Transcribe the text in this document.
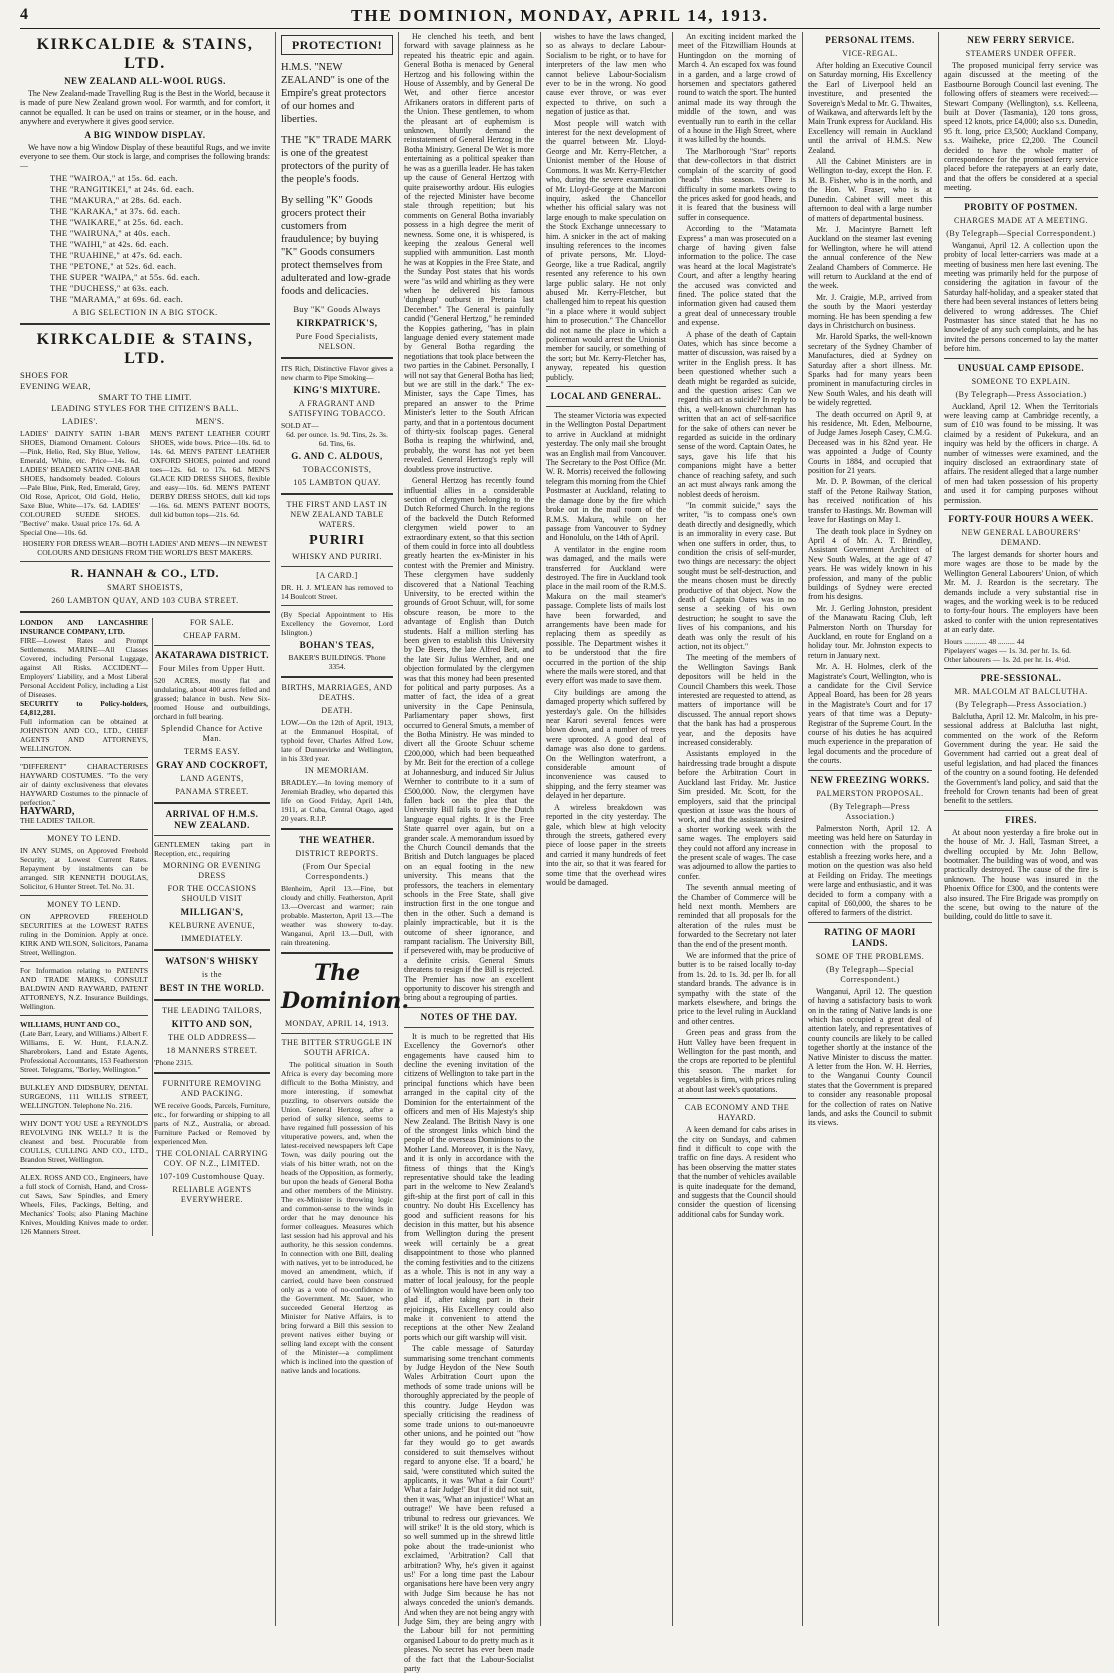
4	THE DOMINION, MONDAY, APRIL 14, 1913.
KIRKCALDIE & STAINS, LTD.
NEW ZEALAND ALL-WOOL RUGS.

The New Zealand-made Travelling Rug is the Best in the World, because it is made of pure New Zealand grown wool. For warmth, and for comfort, it cannot be equalled. It can be used on trains or steamer, or in the house, and anywhere and everywhere it gives good service.

A BIG WINDOW DISPLAY.

We have now a big Window Display of these beautiful Rugs, and we invite everyone to see them. Our stock is large, and comprises the following brands:—

THE "WAIROA," at 15s. 6d. each.
THE "RANGITIKEI," at 24s. 6d. each.
THE "MAKURA," at 28s. 6d. each.
THE "KARAKA," at 37s. 6d. each.
THE "WAIKARE," at 25s. 6d. each.
THE "WAIRUNA," at 40s. each.
THE "WAIHI," at 42s. 6d. each.
THE "RUAHINE," at 47s. 6d. each.
THE "PETONE," at 52s. 6d. each.
THE SUPER "WAIPA," at 55s. 6d. each.
THE "DUCHESS," at 63s. each.
THE "MARAMA," at 69s. 6d. each.
A BIG SELECTION IN A BIG STOCK.
KIRKCALDIE & STAINS, LTD.
SHOES FOR
EVENING WEAR,
SMART TO THE LIMIT.
LEADING STYLES FOR THE CITIZEN'S BALL.
LADIES'.
LADIES' DAINTY SATIN 1-BAR SHOES, Diamond Ornament. Colours—Pink, Helio, Red, Sky Blue, Yellow, Emerald, White, etc. Price—14s. 6d. LADIES' BEADED SATIN ONE-BAR SHOES, handsomely beaded. Colours—Pale Blue, Pink, Red, Emerald, Grey, Old Rose, Apricot, Old Gold, Helio, Saxe Blue, White—17s. 6d. LADIES' COLOURED SUEDE SHOES. "Bective" make. Usual price 17s. 6d. A Special One—10s. 6d.
MEN'S.
MEN'S PATENT LEATHER COURT SHOES, wide bows. Price—10s. 6d. to 14s. 6d. MEN'S PATENT LEATHER OXFORD SHOES, pointed and round toes—12s. 6d. to 17s. 6d. MEN'S GLACE KID DRESS SHOES, flexible and easy—10s. 6d. MEN'S PATENT DERBY DRESS SHOES, dull kid tops—16s. 6d. MEN'S PATENT BOOTS, dull kid button tops—21s. 6d.
HOSIERY FOR DRESS WEAR—BOTH LADIES' AND MEN'S—IN NEWEST COLOURS AND DESIGNS FROM THE WORLD'S BEST MAKERS.
R. HANNAH & CO., LTD.
SMART SHOEISTS,
260 LAMBTON QUAY, AND 103 CUBA STREET.
LONDON AND LANCASHIRE INSURANCE COMPANY, LTD.
FIRE—Lowest Rates and Prompt Settlements. MARINE—All Classes Covered, including Personal Luggage, against All Risks. ACCIDENT—Employers' Liability, and a Most Liberal Personal Accident Policy, including a List of Diseases.
SECURITY to Policy-holders, £4,812,281.
Full information can be obtained at JOHNSTON AND CO., LTD., CHIEF AGENTS AND ATTORNEYS, WELLINGTON.
"DIFFERENT" CHARACTERISES HAYWARD COSTUMES. "To the very air of dainty exclusiveness that elevates HAYWARD Costumes to the pinnacle of perfection."
HAYWARD,
THE LADIES' TAILOR.
MONEY TO LEND.
IN ANY SUMS, on Approved Freehold Security, at Lowest Current Rates. Repayment by instalments can be arranged. SIR KENNETH DOUGLAS, Solicitor, 6 Hunter Street. Tel. No. 31.
MONEY TO LEND.
ON APPROVED FREEHOLD SECURITIES at the LOWEST RATES ruling in the Dominion. Apply at once. KIRK AND WILSON, Solicitors, Panama Street, Wellington.
For Information relating to PATENTS AND TRADE MARKS, CONSULT BALDWIN AND RAYWARD, PATENT ATTORNEYS, N.Z. Insurance Buildings, Wellington.
WILLIAMS, HUNT AND CO.,
(Late Barr, Leary, and Williams.) Albert F. Williams, E. W. Hunt, F.I.A.N.Z. Sharebrokers, Land and Estate Agents, Professional Accountants, 153 Featherston Street. Telegrams, "Borley, Wellington."
BULKLEY AND DIDSBURY, DENTAL SURGEONS, 111 WILLIS STREET, WELLINGTON. Telephone No. 216.
WHY DON'T YOU USE a REYNOLD'S REVOLVING INK WELL? It is the cleanest and best. Procurable from COULLS, CULLING AND CO., LTD., Brandon Street, Wellington.
ALEX. ROSS AND CO., Engineers, have a full stock of Cornish, Hand, and Cross-cut Saws, Saw Spindles, and Emery Wheels, Files, Packings, Belting, and Mechanics' Tools; also Planing Machine Knives, Moulding Knives made to order. 126 Manners Street.
FOR SALE.
CHEAP FARM.
AKATARAWA DISTRICT.
Four Miles from Upper Hutt.
520 ACRES, mostly flat and undulating, about 400 acres felled and grassed; balance in bush. New Six-roomed House and outbuildings, orchard in full bearing.
Splendid Chance for Active Man.
TERMS EASY.
GRAY AND COCKROFT,
LAND AGENTS,
PANAMA STREET.
ARRIVAL OF H.M.S. NEW ZEALAND.
GENTLEMEN taking part in Reception, etc., requiring
MORNING OR EVENING DRESS
FOR THE OCCASIONS SHOULD VISIT
MILLIGAN'S,
KELBURNE AVENUE,
IMMEDIATELY.
WATSON'S WHISKY
is the
BEST IN THE WORLD.
THE LEADING TAILORS,
KITTO AND SON,
THE OLD ADDRESS—
18 MANNERS STREET.
'Phone 2315.
FURNITURE REMOVING AND PACKING.
WE receive Goods, Parcels, Furniture, etc., for forwarding or shipping to all parts of N.Z., Australia, or abroad. Furniture Packed or Removed by experienced Men.
THE COLONIAL CARRYING COY. OF N.Z., LIMITED.
107-109 Customhouse Quay.
RELIABLE AGENTS EVERYWHERE.
PROTECTION!
H.M.S. "NEW ZEALAND" is one of the Empire's great protectors of our homes and liberties.
THE "K" TRADE MARK is one of the greatest protectors of the purity of the people's foods.
By selling "K" Goods grocers protect their customers from fraudulence; by buying "K" Goods consumers protect themselves from adulterated and low-grade foods and delicacies.
Buy "K" Goods Always
KIRKPATRICK'S,
Pure Food Specialists, NELSON.
ITS Rich, Distinctive Flavor gives a new charm to Pipe Smoking—
KING'S MIXTURE.
A FRAGRANT AND SATISFYING TOBACCO.
SOLD AT—
6d. per ounce. 1s. 9d. Tins, 2s. 3s. 6d. Tins, 6s.
G. AND C. ALDOUS,
TOBACCONISTS,
105 LAMBTON QUAY.
THE FIRST AND LAST IN NEW ZEALAND TABLE WATERS.
PURIRI
WHISKY AND PURIRI.
[A CARD.]
DR. H. J. M'LEAN has removed to 14 Boulcott Street.
(By Special Appointment to His Excellency the Governor, Lord Islington.)
BOHAN'S TEAS,
BAKER'S BUILDINGS. 'Phone 3354.
BIRTHS, MARRIAGES, AND DEATHS.
DEATH.
LOW.—On the 12th of April, 1913, at the Emmanuel Hospital, of typhoid fever, Charles Alfred Low, late of Dunnevirke and Wellington, in his 33rd year.
IN MEMORIAM.
BRADLEY.—In loving memory of Jeremiah Bradley, who departed this life on Good Friday, April 14th, 1911, at Cuba, Central Otago, aged 20 years. R.I.P.
THE WEATHER.
DISTRICT REPORTS.
(From Our Special Correspondents.)
Blenheim, April 13.—Fine, but cloudy and chilly. Featherston, April 13.—Overcast and warmer; rain probable. Masterton, April 13.—The weather was showery to-day. Wanganui, April 13.—Dull, with rain threatening.
The Dominion.
MONDAY, APRIL 14, 1913.
THE BITTER STRUGGLE IN SOUTH AFRICA.

The political situation in South Africa is every day becoming more difficult to the Botha Ministry, and more interesting, if somewhat puzzling, to observers outside the Union. General Hertzog, after a period of sulky silence, seems to have regained full possession of his vituperative powers, and, when the latest-received newspapers left Cape Town, was daily pouring out the vials of his bitter wrath, not on the heads of the Opposition, as formerly, but upon the heads of General Botha and other members of the Ministry. The ex-Minister is throwing logic and common-sense to the winds in order that he may denounce his former colleagues. Measures which last session had his approval and his authority, he this session condemns. In connection with one Bill, dealing with natives, yet to be introduced, he moved an amendment, which, if carried, could have been construed only as a vote of no-confidence in the Government. Mr. Sauer, who succeeded General Hertzog as Minister for Native Affairs, is to bring forward a Bill this session to prevent natives either buying or selling land except with the consent of the Minister—a compliment which is inclined into the question of native lands and locations.

He clenched his teeth, and bent forward with savage plainness as he repeated his theatric epic and again. General Botha is menaced by General Hertzog and his following within the House of Assembly, and by General De Wet, and other fierce ancestor Afrikaners orators in different parts of the Union. These gentlemen, to whom the pleasant art of euphemism is unknown, bluntly demand the reinstatement of General Hertzog in the Botha Ministry. General De Wet is more entertaining as a political speaker than he was as a guerilla leader. He has taken up the cause of General Hertzog with quite praiseworthy ardour. His eulogies of the rejected Minister have become stale through repetition; but his comments on General Botha invariably possess in a high degree the merit of newness. Some one, it is whispered, is keeping the zealous General well supplied with ammunition. Last month he was at Koppies in the Free State, and the Sunday Post states that his words were "as wild and whirling as they were when he delivered his famous 'dungheap' outburst in Pretoria last December." The General is painfully candid ("General Hertzog," he reminded the Koppies gathering, "has in plain language denied every statement made by General Botha regarding the negotiations that took place between the two parties in the Cabinet. Personally, I will not say that General Botha has lied; but we are still in the dark." The ex-Minister, says the Cape Times, has prepared an answer to the Prime Minister's letter to the South African party, and that in a portentous document of thirty-six foolscap pages. General Botha is reaping the whirlwind, and, probably, the worst has not yet been revealed. General Hertzog's reply will doubtless prove instructive.

General Hertzog has recently found influential allies in a considerable section of clergymen belonging to the Dutch Reformed Church. In the regions of the backveld the Dutch Reformed clergymen wield power to an extraordinary extent, so that this section of them could in force into all doubtless greatly hearten the ex-Minister in his contest with the Premier and Ministry. These clergymen have suddenly discovered that a National Teaching University, to be erected within the grounds of Groot Schuur, will, for some obscure reason, be more to the advantage of English than Dutch students. Half a million sterling has been given to establish this University by De Beers, the late Alfred Beit, and the late Sir Julius Wernher, and one objection formulated by the clergymen was that this money had been presented for political and party purposes. As a matter of fact, the idea of a great university in the Cape Peninsula, Parliamentary paper shows, first occurred to General Smuts, a member of the Botha Ministry. He was minded to divert all the Groote Schuur scheme £200,000, which had been bequeathed by Mr. Beit for the erection of a college at Johannesburg, and induced Sir Julius Wernher to contribute to it a sum of £500,000. Now, the clergymen have fallen back on the plea that the University Bill fails to give the Dutch language equal rights. It is the Free State quarrel over again, but on a grander scale. A memorandum issued by the Church Council demands that the British and Dutch languages be placed on an equal footing in the new university. This means that the professors, the teachers in elementary schools in the Free State, shall give instruction first in the one tongue and then in the other. Such a demand is plainly impracticable, but it is the outcome of sheer ignorance, and rampant racialism. The University Bill, if persevered with, may be productive of a definite crisis. General Smuts threatens to resign if the Bill is rejected. The Premier has now an excellent opportunity to discover his strength and bring about a regrouping of parties.

NOTES OF THE DAY.

It is much to be regretted that His Excellency the Governor's other engagements have caused him to decline the evening invitation of the citizens of Wellington to take part in the principal functions which have been arranged in the capital city of the Dominion for the entertainment of the officers and men of His Majesty's ship New Zealand. The British Navy is one of the strongest links which bind the people of the overseas Dominions to the Mother Land. Moreover, it is the Navy, and it is only in accordance with the fitness of things that the King's representative should take the leading part in the welcome to New Zealand's gift-ship at the first port of call in this country. No doubt His Excellency has good and sufficient reasons for his decision in this matter, but his absence from Wellington during the present week will certainly be a great disappointment to those who planned the coming festivities and to the citizens as a whole. This is not in any way a matter of local jealousy, for the people of Wellington would have been only too glad if, after taking part in their rejoicings, His Excellency could also make it convenient to attend the receptions at the other New Zealand ports which our gift warship will visit.

The cable message of Saturday summarising some trenchant comments by Judge Heydon of the New South Wales Arbitration Court upon the methods of some trade unions will be thoroughly appreciated by the people of this country. Judge Heydon was specially criticising the readiness of some trade unions to out-manoeuvre other unions, and he pointed out "how far they would go to get awards considered to suit themselves without regard to anyone else. 'If a board,' he said, 'were constituted which suited the applicants, it was 'What a fair Court!' What a fair Judge!' But if it did not suit, then it was, 'What an injustice!' What an outrage!' We have been refused a tribunal to redress our grievances. We will strike!' It is the old story, which is so well summed up in the shrewd little poke about the trade-unionist who exclaimed, 'Arbitration? Call that arbitration? Why, he's given it against us!' For a long time past the Labour organisations here have been very angry with Judge Sim because he has not always conceded the union's demands. And when they are not being angry with Judge Sim, they are being angry with the Labour bill for not permitting organised Labour to do pretty much as it pleases. No secret has ever been made of the fact that the Labour-Socialist party

wishes to have the laws changed, so as always to declare Labour-Socialism to be right, or to have for interpreters of the law men who cannot believe Labour-Socialism ever to be in the wrong. No good cause ever throve, or was ever expected to thrive, on such a negation of justice as that.

Most people will watch with interest for the next development of the quarrel between Mr. Lloyd-George and Mr. Kerry-Fletcher, a Unionist member of the House of Commons. It was Mr. Kerry-Fletcher who, during the severe examination of Mr. Lloyd-George at the Marconi inquiry, asked the Chancellor whether his official salary was not large enough to make speculation on the Stock Exchange unnecessary to him. A snicker in the act of making insulting references to the incomes of private persons, Mr. Lloyd-George, like a true Radical, angrily resented any reference to his own large public salary. He not only abused Mr. Kerry-Fletcher, but challenged him to repeat his question "in a place where it would subject him to prosecution." The Chancellor did not name the place in which a policeman would arrest the Unionist member for saucily, or something of the sort; but Mr. Kerry-Fletcher has, anyway, repeated his question publicly.

LOCAL AND GENERAL.

The steamer Victoria was expected in the Wellington Postal Department to arrive in Auckland at midnight yesterday. The only mail she brought was an English mail from Vancouver. The Secretary to the Post Office (Mr. W. R. Morris) received the following telegram this morning from the Chief Postmaster at Auckland, relating to the damage done by the fire which broke out in the mail room of the R.M.S. Makura, while on her passage from Vancouver to Sydney and Honolulu, on the 14th of April.

A ventilator in the engine room was damaged, and the mails were transferred for Auckland were destroyed. The fire in Auckland took place in the mail room of the R.M.S. Makura on the mail steamer's passage. Complete lists of mails lost have been forwarded, and arrangements have been made for replacing them as speedily as possible. The Department wishes it to be understood that the fire occurred in the portion of the ship where the mails were stored, and that every effort was made to save them.

City buildings are among the damaged property which suffered by yesterday's gale. On the hillsides near Karori several fences were blown down, and a number of trees were uprooted. A good deal of damage was also done to gardens. On the Wellington waterfront, a considerable amount of inconvenience was caused to shipping, and the ferry steamer was delayed in her departure.

A wireless breakdown was reported in the city yesterday. The gale, which blew at high velocity through the streets, gathered every piece of loose paper in the streets and carried it many hundreds of feet into the air, so that it was feared for some time that the overhead wires would be damaged.

An exciting incident marked the meet of the Fitzwilliam Hounds at Huntingdon on the morning of March 4. An escaped fox was found in a garden, and a large crowd of horsemen and spectators gathered round to watch the sport. The hunted animal made its way through the middle of the town, and was eventually run to earth in the cellar of a house in the High Street, where it was killed by the hounds.

The Marlborough "Star" reports that dew-collectors in that district complain of the scarcity of good "heads" this season. There is difficulty in some markets owing to the prices asked for good heads, and it is feared that the business will suffer in consequence.

According to the "Matamata Express" a man was prosecuted on a charge of having given false information to the police. The case was heard at the local Magistrate's Court, and after a lengthy hearing the accused was convicted and fined. The police stated that the information given had caused them a great deal of unnecessary trouble and expense.

A phase of the death of Captain Oates, which has since become a matter of discussion, was raised by a writer in the English press. It has been questioned whether such a death might be regarded as suicide, and the question arises: Can we regard this act as suicide? In reply to this, a well-known churchman has written that an act of self-sacrifice for the sake of others can never be regarded as suicide in the ordinary sense of the word. Captain Oates, he says, gave his life that his companions might have a better chance of reaching safety, and such an act must always rank among the noblest deeds of heroism.

"In commit suicide," says the writer, "is to compass one's own death directly and designedly, which is an immorality in every case. But when one suffers in order, thus, to condition the crisis of self-murder, two things are necessary: the object sought must be self-destruction, and the means chosen must be directly productive of that object. Now the death of Captain Oates was in no sense a seeking of his own destruction; he sought to save the lives of his companions, and his death was only the result of his action, not its object."

The meeting of the members of the Wellington Savings Bank depositors will be held in the Council Chambers this week. Those interested are requested to attend, as matters of importance will be discussed. The annual report shows that the bank has had a prosperous year, and the deposits have increased considerably.

Assistants employed in the hairdressing trade brought a dispute before the Arbitration Court in Auckland last Friday. Mr. Justice Sim presided. Mr. Scott, for the employers, said that the principal question at issue was the hours of work, and that the assistants desired a shorter working week with the same wages. The employers said they could not afford any increase in the present scale of wages. The case was adjourned to allow the parties to confer.

The seventh annual meeting of the Chamber of Commerce will be held next month. Members are reminded that all proposals for the alteration of the rules must be forwarded to the Secretary not later than the end of the present month.

We are informed that the price of butter is to be raised locally to-day from 1s. 2d. to 1s. 3d. per lb. for all standard brands. The advance is in sympathy with the state of the markets elsewhere, and brings the price to the level ruling in Auckland and other centres.

Green peas and grass from the Hutt Valley have been frequent in Wellington for the past month, and the crops are reported to be plentiful this season. The market for vegetables is firm, with prices ruling at about last week's quotations.

CAB ECONOMY AND THE HAYARD.

A keen demand for cabs arises in the city on Sundays, and cabmen find it difficult to cope with the traffic on fine days. A resident who has been observing the matter states that the number of vehicles available is quite inadequate for the demand, and suggests that the Council should consider the question of licensing additional cabs for Sunday work.

PERSONAL ITEMS.
VICE-REGAL.

After holding an Executive Council on Saturday morning, His Excellency the Earl of Liverpool held an investiture, and presented the Sovereign's Medal to Mr. G. Thwaites, of Waikawa, and afterwards left by the Main Trunk express for Auckland. His Excellency will remain in Auckland until the arrival of H.M.S. New Zealand.

All the Cabinet Ministers are in Wellington to-day, except the Hon. F. M. B. Fisher, who is in the north, and the Hon. W. Fraser, who is at Dunedin. Cabinet will meet this afternoon to deal with a large number of matters of departmental business.

Mr. J. Macintyre Barnett left Auckland on the steamer last evening for Wellington, where he will attend the annual conference of the New Zealand Chambers of Commerce. He will return to Auckland at the end of the week.

Mr. J. Craigie, M.P., arrived from the south by the Maori yesterday morning. He has been spending a few days in Christchurch on business.

Mr. Harold Sparks, the well-known secretary of the Sydney Chamber of Manufactures, died at Sydney on Saturday after a short illness. Mr. Sparks had for many years been prominent in manufacturing circles in New South Wales, and his death will be widely regretted.

The death occurred on April 9, at his residence, Mt. Eden, Melbourne, of Judge James Joseph Casey, C.M.G. Deceased was in his 82nd year. He was appointed a Judge of County Courts in 1884, and occupied that position for 21 years.

Mr. D. P. Bowman, of the clerical staff of the Petone Railway Station, has received notification of his transfer to Hastings. Mr. Bowman will leave for Hastings on May 1.

The death took place in Sydney on April 4 of Mr. A. T. Brindley, Assistant Government Architect of New South Wales, at the age of 47 years. He was widely known in his profession, and many of the public buildings of Sydney were erected from his designs.

Mr. J. Gerling Johnston, president of the Manawatu Racing Club, left Palmerston North on Thursday for Auckland, en route for England on a holiday tour. Mr. Johnston expects to return in January next.

Mr. A. H. Holmes, clerk of the Magistrate's Court, Wellington, who is a candidate for the Civil Service Appeal Board, has been for 28 years in the Magistrate's Court and for 17 years of that time was a Deputy-Registrar of the Supreme Court. In the course of his duties he has acquired much experience in the preparation of legal documents and the procedure of the courts.

NEW FREEZING WORKS.
PALMERSTON PROPOSAL.
(By Telegraph—Press Association.)

Palmerston North, April 12. A meeting was held here on Saturday in connection with the proposal to establish a freezing works here, and a motion on the question was also held at Feilding on Friday. The meetings were large and enthusiastic, and it was decided to form a company with a capital of £60,000, the shares to be offered to farmers of the district.

RATING OF MAORI LANDS.
SOME OF THE PROBLEMS.
(By Telegraph—Special Correspondent.)

Wanganui, April 12. The question of having a satisfactory basis to work on in the rating of Native lands is one which has occupied a great deal of attention lately, and representatives of county councils are likely to be called together shortly at the instance of the Native Minister to discuss the matter. A letter from the Hon. W. H. Herries, to the Wanganui County Council states that the Government is prepared to consider any reasonable proposal for the collection of rates on Native lands, and asks the Council to submit its views.

NEW FERRY SERVICE.
STEAMERS UNDER OFFER.

The proposed municipal ferry service was again discussed at the meeting of the Eastbourne Borough Council last evening. The following offers of steamers were received:—Stewart Company (Wellington), s.s. Kelleena, built at Dover (Tasmania), 120 tons gross, speed 12 knots, price £4,000; also s.s. Dunedin, 95 ft. long, price £3,500; Auckland Company, s.s. Waiheke, price £2,200. The Council decided to have the whole matter of correspondence for the promised ferry service placed before the ratepayers at an early date, and that the offers be considered at a special meeting.

PROBITY OF POSTMEN.
CHARGES MADE AT A MEETING.
(By Telegraph—Special Correspondent.)

Wanganui, April 12. A collection upon the probity of local letter-carriers was made at a meeting of business men here last evening. The meeting was primarily held for the purpose of considering the agitation in favour of the Saturday half-holiday, and a speaker stated that there had been several instances of letters being delivered to wrong addresses. The Chief Postmaster has since stated that he has no knowledge of any such complaints, and he has invited the persons concerned to lay the matter before him.

UNUSUAL CAMP EPISODE.
SOMEONE TO EXPLAIN.
(By Telegraph—Press Association.)

Auckland, April 12. When the Territorials were leaving camp at Cambridge recently, a sum of £10 was found to be missing. It was claimed by a resident of Pukekura, and an inquiry was held by the officers in charge. A number of witnesses were examined, and the inquiry disclosed an extraordinary state of affairs. The resident alleged that a large number of men had taken possession of his property and used it for camping purposes without permission.

FORTY-FOUR HOURS A WEEK.
NEW GENERAL LABOURERS' DEMAND.

The largest demands for shorter hours and more wages are those to be made by the Wellington General Labourers' Union, of which Mr. M. J. Reardon is the secretary. The demands include a very substantial rise in wages, and the working week is to be reduced to forty-four hours. The employers have been asked to confer with the union representatives at an early date.

Hours ............ 48 ......... 44
Pipelayers' wages — 1s. 3d. per hr. 1s. 6d.
Other labourers — 1s. 2d. per hr. 1s. 4½d.
PRE-SESSIONAL.
MR. MALCOLM AT BALCLUTHA.
(By Telegraph—Press Association.)

Balclutha, April 12. Mr. Malcolm, in his pre-sessional address at Balclutha last night, commented on the work of the Reform Government during the year. He said the Government had carried out a great deal of useful legislation, and had placed the finances of the country on a sound footing. He defended the Government's land policy, and said that the freehold for Crown tenants had been of great benefit to the settlers.

FIRES.

At about noon yesterday a fire broke out in the house of Mr. J. Hall, Tasman Street, a dwelling occupied by Mr. John Bellow, bootmaker. The building was of wood, and was practically destroyed. The cause of the fire is unknown. The house was insured in the Phoenix Office for £300, and the contents were also insured. The Fire Brigade was promptly on the scene, but owing to the nature of the building, could do little to save it.
